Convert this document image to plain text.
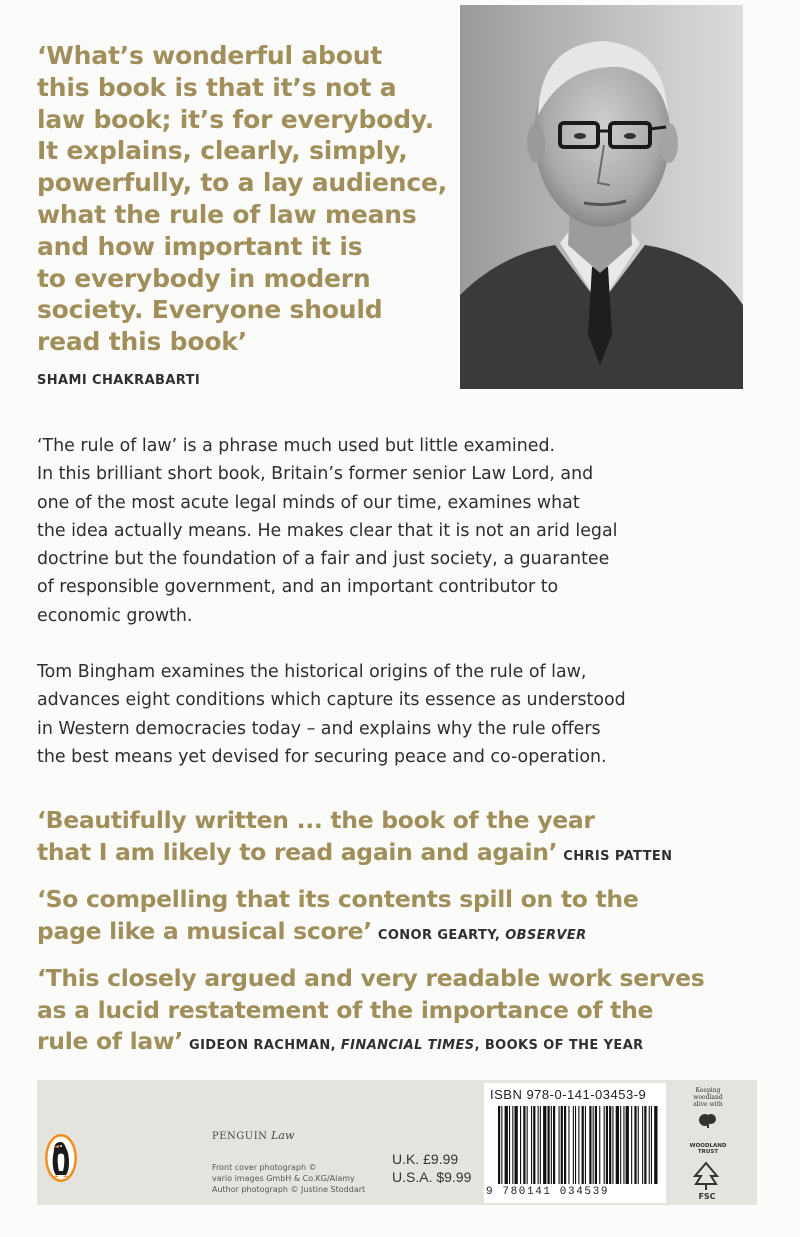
‘What’s wonderful about
this book is that it’s not a
law book; it’s for everybody.
It explains, clearly, simply,
powerfully, to a lay audience,
what the rule of law means
and how important it is
to everybody in modern
society. Everyone should
read this book’
SHAMI CHAKRABARTI
‘The rule of law’ is a phrase much used but little examined.
In this brilliant short book, Britain’s former senior Law Lord, and
one of the most acute legal minds of our time, examines what
the idea actually means. He makes clear that it is not an arid legal
doctrine but the foundation of a fair and just society, a guarantee
of responsible government, and an important contributor to
economic growth.
Tom Bingham examines the historical origins of the rule of law,
advances eight conditions which capture its essence as understood
in Western democracies today – and explains why the rule offers
the best means yet devised for securing peace and co-operation.
‘Beautifully written ... the book of the year
that I am likely to read again and again’ CHRIS PATTEN
‘So compelling that its contents spill on to the
page like a musical score’ CONOR GEARTY, OBSERVER
‘This closely argued and very readable work serves
as a lucid restatement of the importance of the
rule of law’ GIDEON RACHMAN, FINANCIAL TIMES, BOOKS OF THE YEAR
PENGUIN Law
Front cover photograph ©
vario images GmbH & Co.KG/Alamy
Author photograph © Justine Stoddart
U.K. £9.99
U.S.A. $9.99
ISBN 978-0-141-03453-9
9 780141 034539
Keeping
woodland
alive with
WOODLAND TRUST
FSC
